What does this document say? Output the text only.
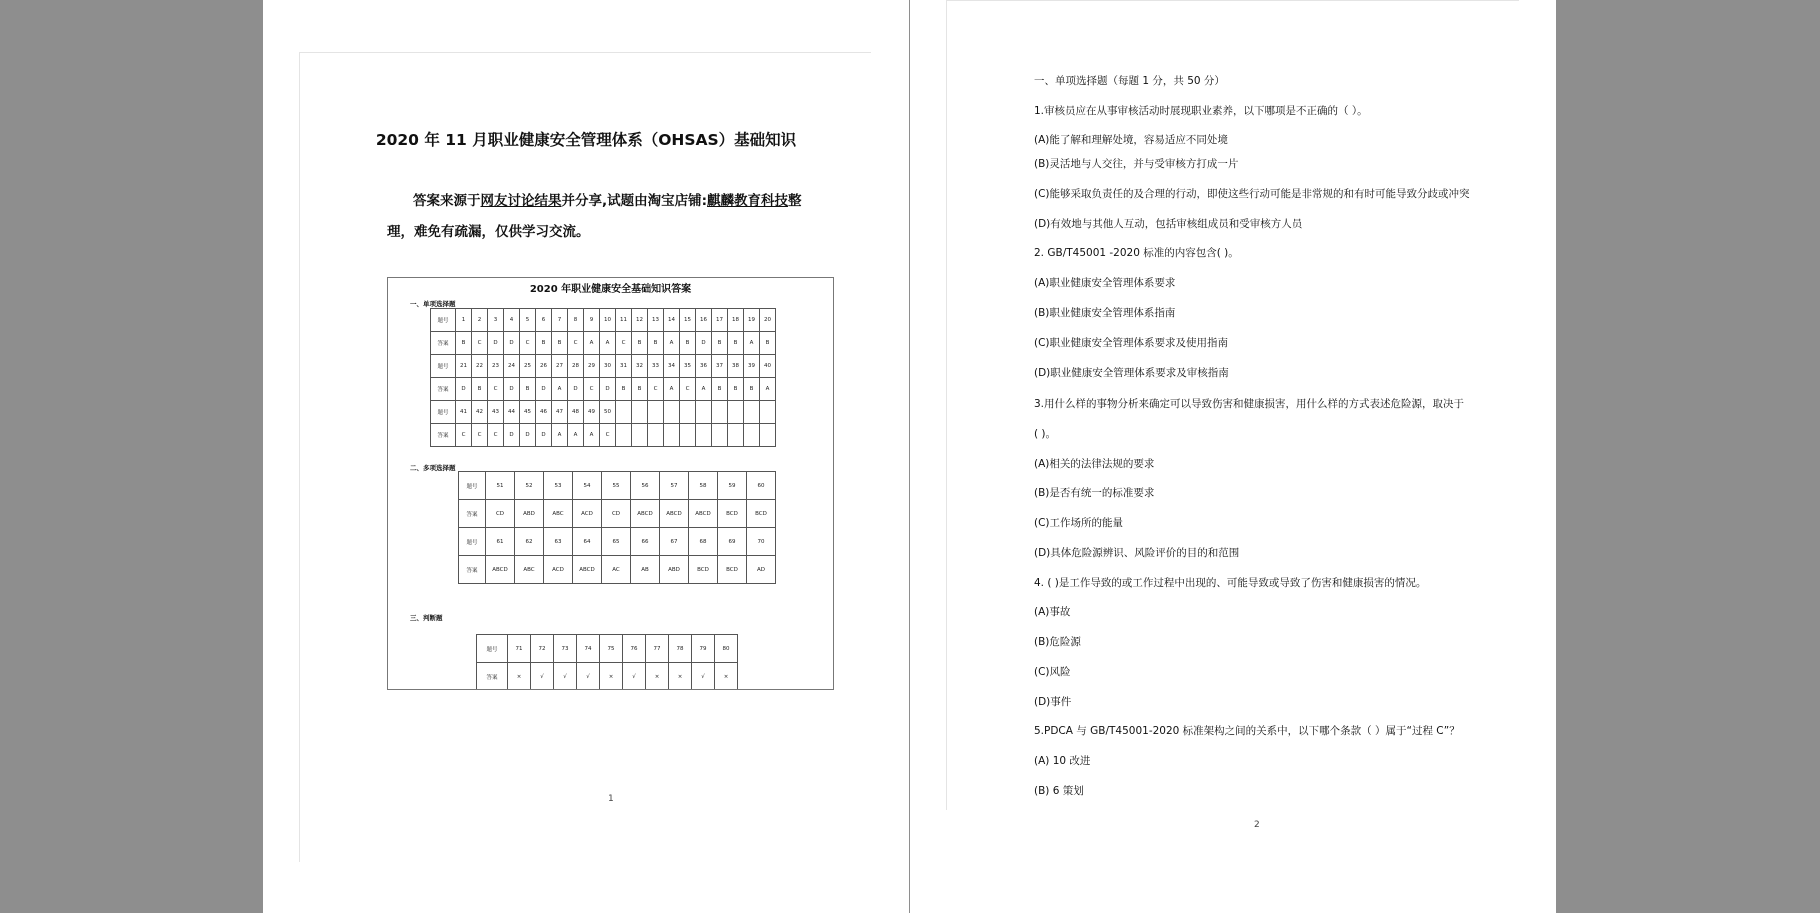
2020 年 11 月职业健康安全管理体系（OHSAS）基础知识
答案来源于网友讨论结果并分享,试题由淘宝店铺:麒麟教育科技整理，难免有疏漏，仅供学习交流。
2020 年职业健康安全基础知识答案
一、单项选择题
题号	1	2	3	4	5	6	7	8	9	10	11	12	13	14	15	16	17	18	19	20
答案	B	C	D	D	C	B	B	C	A	A	C	B	B	A	B	D	B	B	A	B
题号	21	22	23	24	25	26	27	28	29	30	31	32	33	34	35	36	37	38	39	40
答案	D	B	C	D	B	D	A	D	C	D	B	B	C	A	C	A	B	B	B	A
题号	41	42	43	44	45	46	47	48	49	50										
答案	C	C	C	D	D	D	A	A	A	C										
二、多项选择题
题号	51	52	53	54	55	56	57	58	59	60
答案	CD	ABD	ABC	ACD	CD	ABCD	ABCD	ABCD	BCD	BCD
题号	61	62	63	64	65	66	67	68	69	70
答案	ABCD	ABC	ACD	ABCD	AC	AB	ABD	BCD	BCD	AD
三、判断题
题号	71	72	73	74	75	76	77	78	79	80
答案	×	√	√	√	×	√	×	×	√	×
1
一、单项选择题（每题 1 分，共 50 分）
1.审核员应在从事审核活动时展现职业素养，以下哪项是不正确的（ ）。
(A)能了解和理解处境，容易适应不同处境
(B)灵活地与人交往，并与受审核方打成一片
(C)能够采取负责任的及合理的行动，即使这些行动可能是非常规的和有时可能导致分歧或冲突
(D)有效地与其他人互动，包括审核组成员和受审核方人员
2. GB/T45001 -2020 标准的内容包含( )。
(A)职业健康安全管理体系要求
(B)职业健康安全管理体系指南
(C)职业健康安全管理体系要求及使用指南
(D)职业健康安全管理体系要求及审核指南
3.用什么样的事物分析来确定可以导致伤害和健康损害，用什么样的方式表述危险源，取决于
( )。
(A)相关的法律法规的要求
(B)是否有统一的标准要求
(C)工作场所的能量
(D)具体危险源辨识、风险评价的目的和范围
4. ( )是工作导致的或工作过程中出现的、可能导致或导致了伤害和健康损害的情况。
(A)事故
(B)危险源
(C)风险
(D)事件
5.PDCA 与 GB/T45001-2020 标准架构之间的关系中，以下哪个条款（ ）属于“过程 C”？
(A) 10 改进
(B) 6 策划
2
